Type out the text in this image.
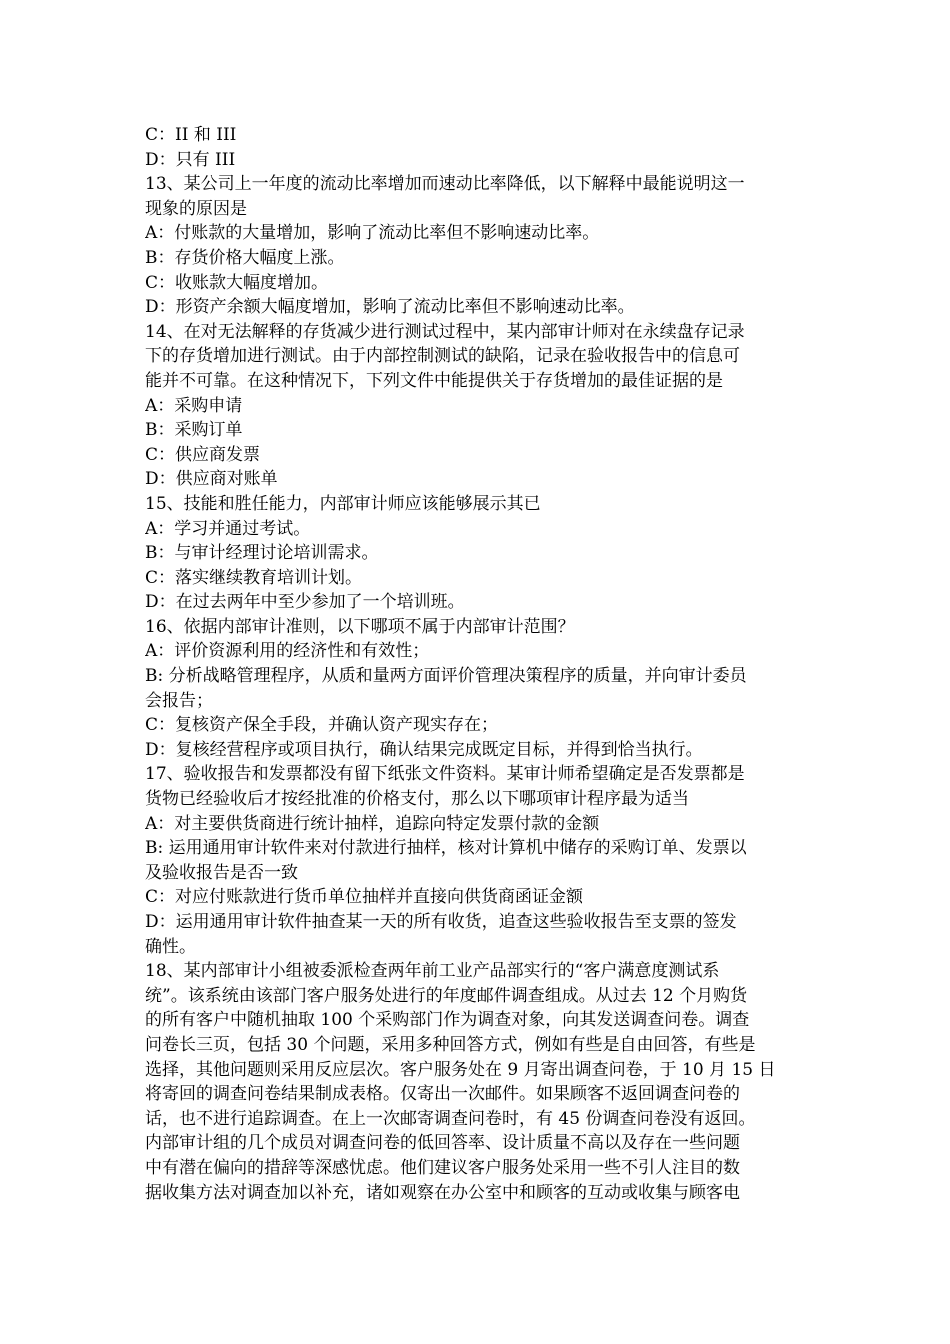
C：II 和 III
D：只有 III
13、某公司上一年度的流动比率增加而速动比率降低，以下解释中最能说明这一
现象的原因是
A：付账款的大量增加，影响了流动比率但不影响速动比率。
B：存货价格大幅度上涨。
C：收账款大幅度增加。
D：形资产余额大幅度增加，影响了流动比率但不影响速动比率。
14、在对无法解释的存货减少进行测试过程中，某内部审计师对在永续盘存记录
下的存货增加进行测试。由于内部控制测试的缺陷，记录在验收报告中的信息可
能并不可靠。在这种情况下，下列文件中能提供关于存货增加的最佳证据的是
A：采购申请
B：采购订单
C：供应商发票
D：供应商对账单
15、技能和胜任能力，内部审计师应该能够展示其已
A：学习并通过考试。
B：与审计经理讨论培训需求。
C：落实继续教育培训计划。
D：在过去两年中至少参加了一个培训班。
16、依据内部审计准则，以下哪项不属于内部审计范围？
A：评价资源利用的经济性和有效性；
B: 分析战略管理程序，从质和量两方面评价管理决策程序的质量，并向审计委员
会报告；
C：复核资产保全手段，并确认资产现实存在；
D：复核经营程序或项目执行，确认结果完成既定目标，并得到恰当执行。
17、验收报告和发票都没有留下纸张文件资料。某审计师希望确定是否发票都是
货物已经验收后才按经批准的价格支付，那么以下哪项审计程序最为适当
A：对主要供货商进行统计抽样，追踪向特定发票付款的金额
B: 运用通用审计软件来对付款进行抽样，核对计算机中储存的采购订单、发票以
及验收报告是否一致
C：对应付账款进行货币单位抽样并直接向供货商函证金额
D：运用通用审计软件抽查某一天的所有收货，追查这些验收报告至支票的签发
确性。
18、某内部审计小组被委派检查两年前工业产品部实行的“客户满意度测试系
统”。该系统由该部门客户服务处进行的年度邮件调查组成。从过去 12 个月购货
的所有客户中随机抽取 100 个采购部门作为调查对象，向其发送调查问卷。调查
问卷长三页，包括 30 个问题，采用多种回答方式，例如有些是自由回答，有些是
选择，其他问题则采用反应层次。客户服务处在 9 月寄出调查问卷，于 10 月 15 日
将寄回的调查问卷结果制成表格。仅寄出一次邮件。如果顾客不返回调查问卷的
话，也不进行追踪调查。在上一次邮寄调查问卷时，有 45 份调查问卷没有返回。
内部审计组的几个成员对调查问卷的低回答率、设计质量不高以及存在一些问题
中有潜在偏向的措辞等深感忧虑。他们建议客户服务处采用一些不引人注目的数
据收集方法对调查加以补充，诸如观察在办公室中和顾客的互动或收集与顾客电
